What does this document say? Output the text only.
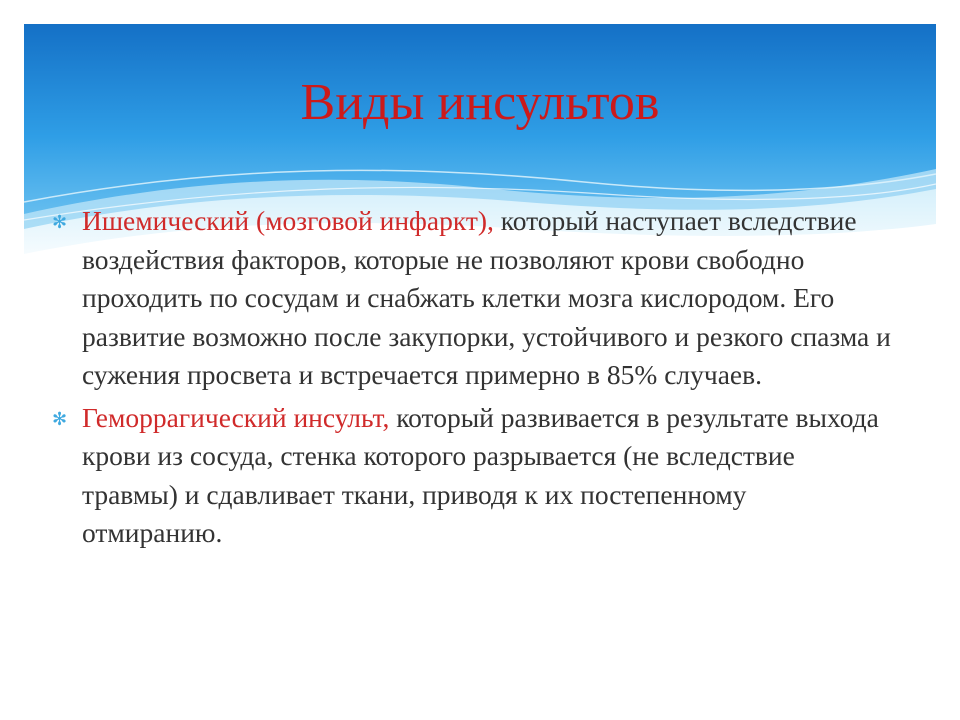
Виды инсультов
✻ Ишемический (мозговой инфаркт), который наступает вследствие воздействия факторов, которые не позволяют крови свободно проходить по сосудам и снабжать клетки мозга кислородом. Его развитие возможно после закупорки, устойчивого и резкого спазма и сужения просвета и встречается примерно в 85% случаев.
✻ Геморрагический инсульт, который развивается в результате выхода крови из сосуда, стенка которого разрывается (не вследствие травмы) и сдавливает ткани, приводя к их постепенному отмиранию.
